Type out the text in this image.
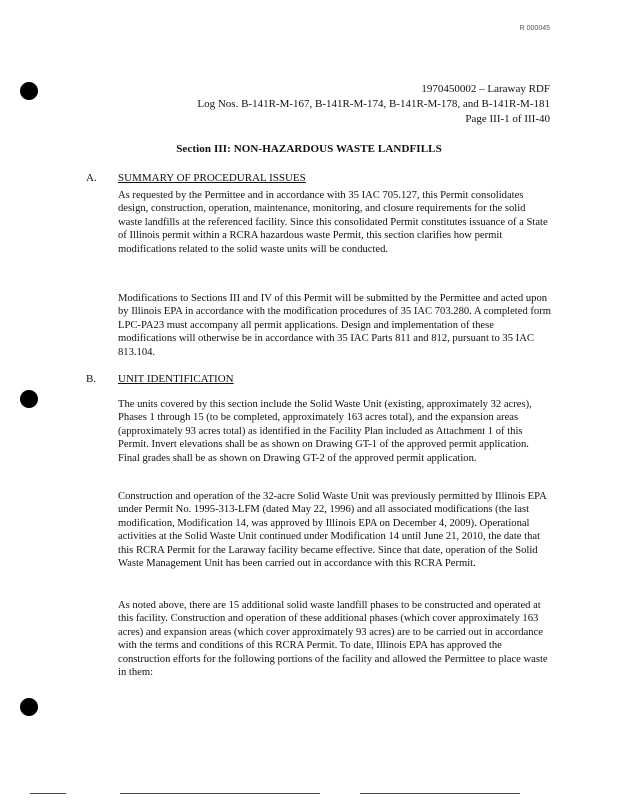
R 000045
1970450002 – Laraway RDF
Log Nos. B-141R-M-167, B-141R-M-174, B-141R-M-178, and B-141R-M-181
Page III-1 of III-40
Section III: NON-HAZARDOUS WASTE LANDFILLS
A. SUMMARY OF PROCEDURAL ISSUES

As requested by the Permittee and in accordance with 35 IAC 705.127, this Permit consolidates design, construction, operation, maintenance, monitoring, and closure requirements for the solid waste landfills at the referenced facility. Since this consolidated Permit constitutes issuance of a State of Illinois permit within a RCRA hazardous waste Permit, this section clarifies how permit modifications related to the solid waste units will be conducted.

Modifications to Sections III and IV of this Permit will be submitted by the Permittee and acted upon by Illinois EPA in accordance with the modification procedures of 35 IAC 703.280. A completed form LPC-PA23 must accompany all permit applications. Design and implementation of these modifications will otherwise be in accordance with 35 IAC Parts 811 and 812, pursuant to 35 IAC 813.104.

B. UNIT IDENTIFICATION

The units covered by this section include the Solid Waste Unit (existing, approximately 32 acres), Phases 1 through 15 (to be completed, approximately 163 acres total), and the expansion areas (approximately 93 acres total) as identified in the Facility Plan included as Attachment 1 of this Permit. Invert elevations shall be as shown on Drawing GT-1 of the approved permit application. Final grades shall be as shown on Drawing GT-2 of the approved permit application.

Construction and operation of the 32-acre Solid Waste Unit was previously permitted by Illinois EPA under Permit No. 1995-313-LFM (dated May 22, 1996) and all associated modifications (the last modification, Modification 14, was approved by Illinois EPA on December 4, 2009). Operational activities at the Solid Waste Unit continued under Modification 14 until June 21, 2010, the date that this RCRA Permit for the Laraway facility became effective. Since that date, operation of the Solid Waste Management Unit has been carried out in accordance with this RCRA Permit.

As noted above, there are 15 additional solid waste landfill phases to be constructed and operated at this facility. Construction and operation of these additional phases (which cover approximately 163 acres) and expansion areas (which cover approximately 93 acres) are to be carried out in accordance with the terms and conditions of this RCRA Permit. To date, Illinois EPA has approved the construction efforts for the following portions of the facility and allowed the Permittee to place waste in them:
